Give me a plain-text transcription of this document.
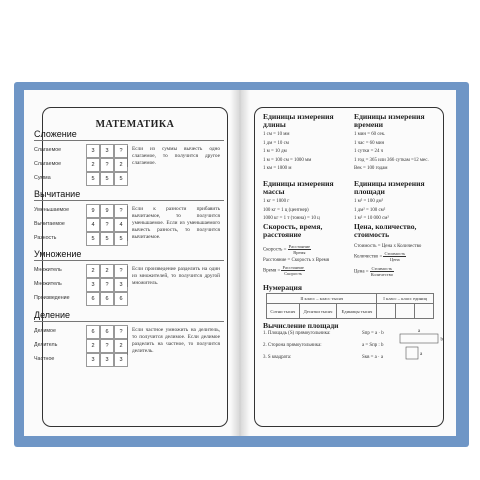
МАТЕМАТИКА
Сложение
Слагаемое	3	3	?
Слагаемое	2	?	2
Сумма	5	5	5
Если из суммы вычесть одно слагаемое, то получится другое слагаемое.
Вычитание
Уменьшаемое	9	9	?
Вычитаемое	4	?	4
Разность	5	5	5
Если к разности прибавить вычитаемое, то получится уменьшаемое. Если из уменьшаемого вычесть разность, то получится вычитаемое.
Умножение
Множитель	2	2	?
Множитель	3	?	3
Произведение	6	6	6
Если произведение разделить на один из множителей, то получится другой множитель.
Деление
Делимое	6	6	?
Делитель	2	?	2
Частное	3	3	3
Если частное умножить на делитель, то получится делимое. Если делимое разделить на частное, то получится делитель.
Единицы измерения длины
1 см = 10 мм
1 дм = 10 см
1 м = 10 дм
1 м = 100 см = 1000 мм
1 км = 1000 м
Единицы измерения времени
1 мин = 60 сек.
1 час = 60 мин
1 сутки = 24 ч
1 год = 365 или 366 суткам =12 мес.
Век = 100 годам
Единицы измерения массы
1 кг = 1000 г
100 кг = 1 ц (центнер)
1000 кг = 1 т (тонна) = 10 ц
Единицы измерения площади
1 м² = 100 дм²
1 дм² = 100 см²
1 м² = 10 000 см²
Скорость, время, расстояние
Скорость = $\frac{\text{Расстояние}}{\text{Время}}$
Расстояние = Скорость х Время
Время = $\frac{\text{Расстояние}}{\text{Скорость}}$
Цена, количество, стоимость
Стоимость = Цена х Количество
Количество = $\frac{\text{Стоимость}}{\text{Цена}}$
Цена = $\frac{\text{Стоимость}}{\text{Количество}}$
Нумерация
II класс – класс тысяч			I класс – класс единиц		
Сотни тысяч	Десятки тысяч	Единицы тысяч			
Вычисление площади
1. Площадь (S) прямоугольника:	Sпр = a · b
2. Сторона прямоугольника:	a = Sпр : b
3. S квадрата:	Sкв = a · a
a
b
a
